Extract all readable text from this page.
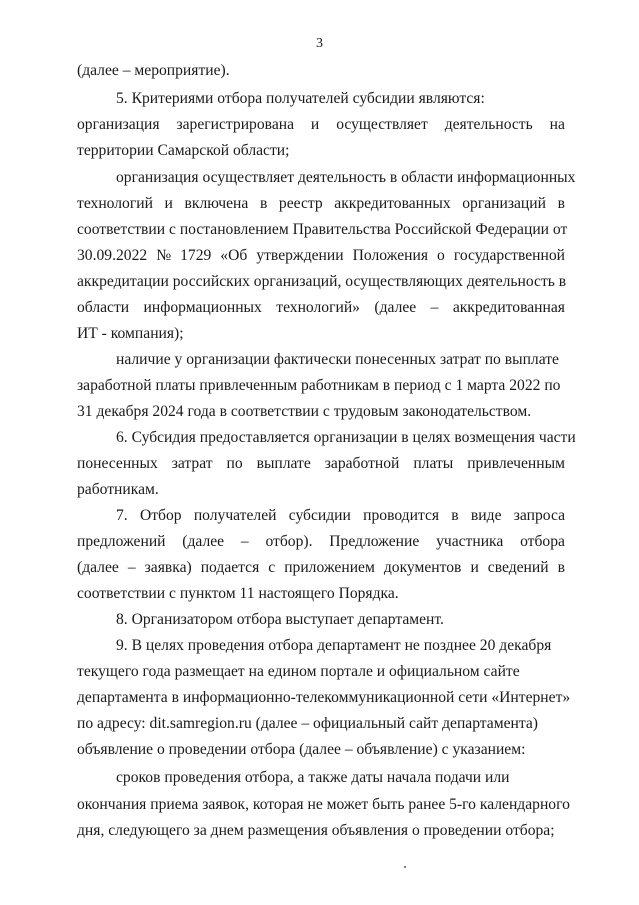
3
(далее – мероприятие).
5. Критериями отбора получателей субсидии являются:
организация зарегистрирована и осуществляет деятельность на
территории Самарской области;
организация осуществляет деятельность в области информационных
технологий и включена в реестр аккредитованных организаций в
соответствии с постановлением Правительства Российской Федерации от
30.09.2022 № 1729 «Об утверждении Положения о государственной
аккредитации российских организаций, осуществляющих деятельность в
области информационных технологий» (далее – аккредитованная
ИТ - компания);
наличие у организации фактически понесенных затрат по выплате
заработной платы привлеченным работникам в период с 1 марта 2022 по
31 декабря 2024 года в соответствии с трудовым законодательством.
6. Субсидия предоставляется организации в целях возмещения части
понесенных затрат по выплате заработной платы привлеченным
работникам.
7. Отбор получателей субсидии проводится в виде запроса
предложений (далее – отбор). Предложение участника отбора
(далее – заявка) подается с приложением документов и сведений в
соответствии с пунктом 11 настоящего Порядка.
8. Организатором отбора выступает департамент.
9. В целях проведения отбора департамент не позднее 20 декабря
текущего года размещает на едином портале и официальном сайте
департамента в информационно-телекоммуникационной сети «Интернет»
по адресу: dit.samregion.ru (далее – официальный сайт департамента)
объявление о проведении отбора (далее – объявление) с указанием:
сроков проведения отбора, а также даты начала подачи или
окончания приема заявок, которая не может быть ранее 5-го календарного
дня, следующего за днем размещения объявления о проведении отбора;
